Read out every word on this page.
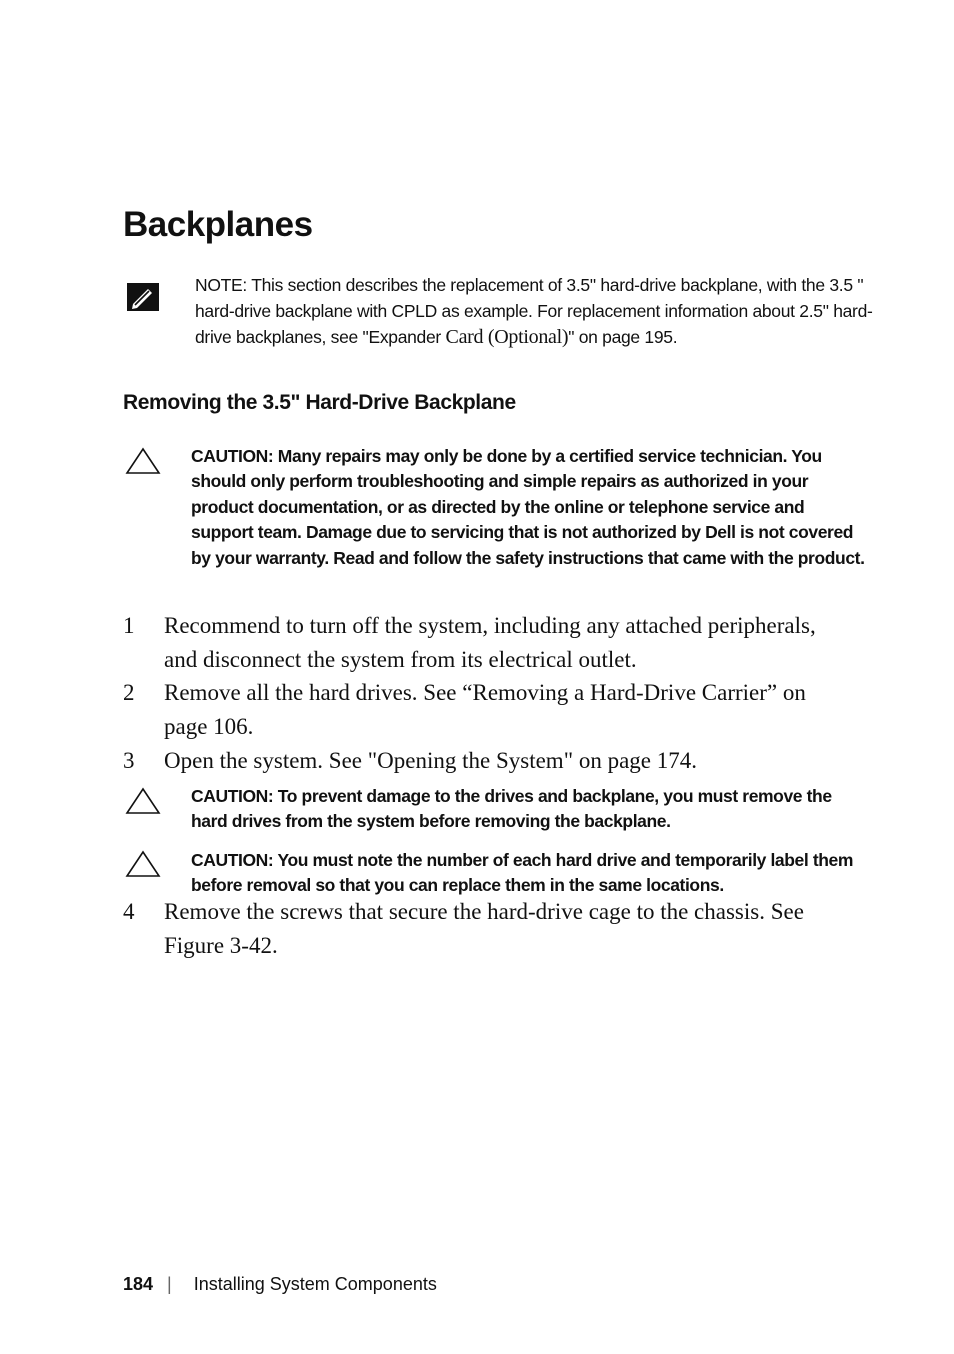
Backplanes
NOTE: This section describes the replacement of 3.5" hard-drive backplane, with the 3.5 " hard-drive backplane with CPLD as example. For replacement information about 2.5" hard-drive backplanes, see "Expander Card (Optional)" on page 195.
Removing the 3.5" Hard-Drive Backplane
CAUTION: Many repairs may only be done by a certified service technician. You should only perform troubleshooting and simple repairs as authorized in your product documentation, or as directed by the online or telephone service and support team. Damage due to servicing that is not authorized by Dell is not covered by your warranty. Read and follow the safety instructions that came with the product.
1	Recommend to turn off the system, including any attached peripherals, and disconnect the system from its electrical outlet.
2	Remove all the hard drives. See “Removing a Hard-Drive Carrier” on page 106.
3	Open the system. See "Opening the System" on page 174.
CAUTION: To prevent damage to the drives and backplane, you must remove the hard drives from the system before removing the backplane.
CAUTION: You must note the number of each hard drive and temporarily label them before removal so that you can replace them in the same locations.
4	Remove the screws that secure the hard-drive cage to the chassis. See Figure 3-42.
184 | Installing System Components
